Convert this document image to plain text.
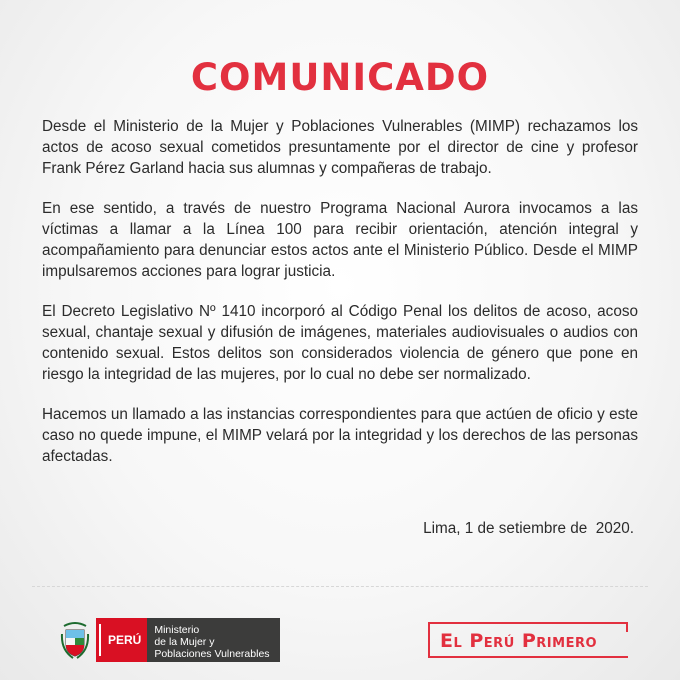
COMUNICADO

Desde el Ministerio de la Mujer y Poblaciones Vulnerables (MIMP) rechazamos los actos de acoso sexual cometidos presuntamente por el director de cine y profesor Frank Pérez Garland hacia sus alumnas y compañeras de trabajo.

En ese sentido, a través de nuestro Programa Nacional Aurora invocamos a las víctimas a llamar a la Línea 100 para recibir orientación, atención integral y acompañamiento para denunciar estos actos ante el Ministerio Público. Desde el MIMP impulsaremos acciones para lograr justicia.

El Decreto Legislativo Nº 1410 incorporó al Código Penal los delitos de acoso, acoso sexual, chantaje sexual y difusión de imágenes, materiales audiovisuales o audios con contenido sexual. Estos delitos son considerados violencia de género que pone en riesgo la integridad de las mujeres, por lo cual no debe ser normalizado.

Hacemos un llamado a las instancias correspondientes para que actúen de oficio y este caso no quede impune, el MIMP velará por la integridad y los derechos de las personas afectadas.

Lima, 1 de setiembre de  2020.
PERÚ
Ministerio
de la Mujer y
Poblaciones Vulnerables
El Perú Primero
